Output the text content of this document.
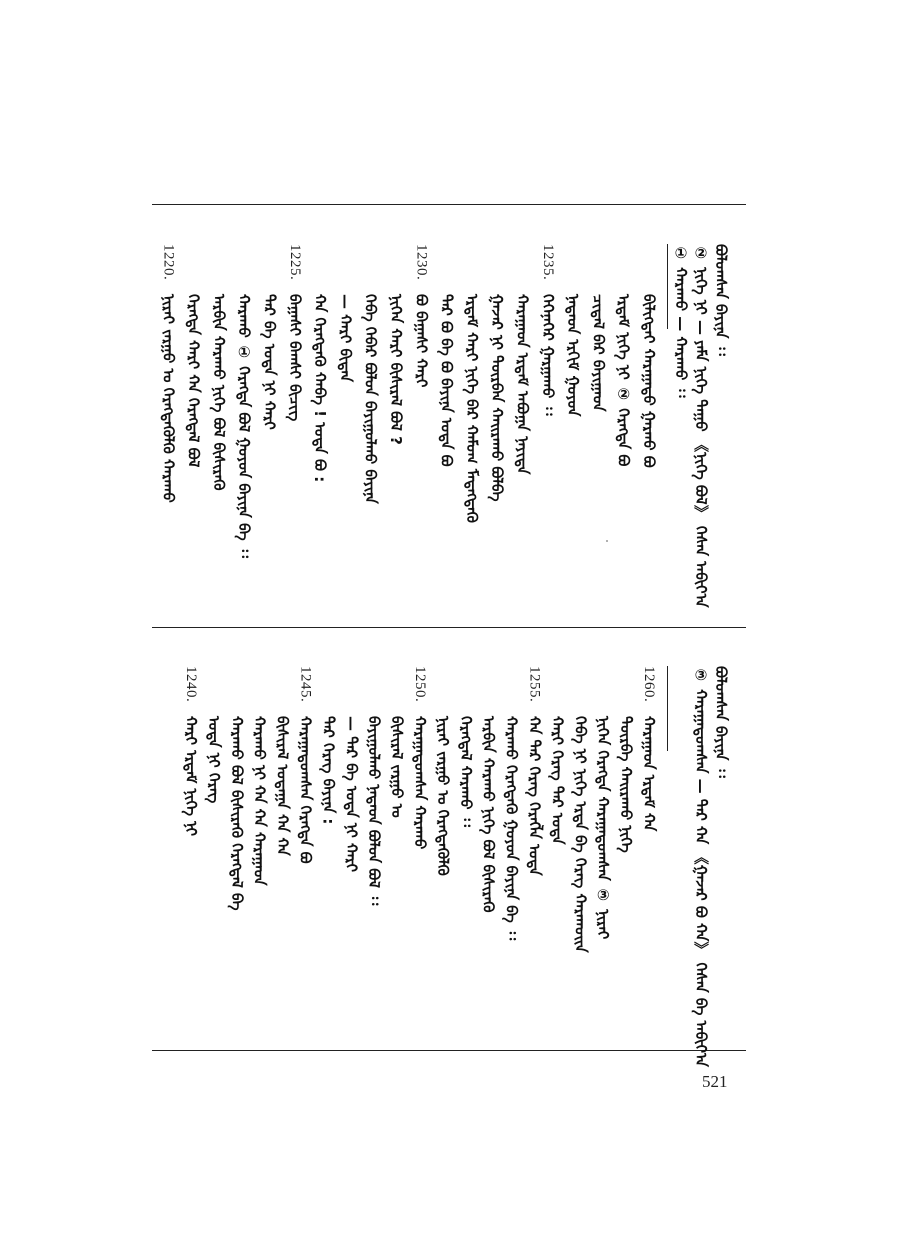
ᠪᠣᠯᠤᠭᠰᠠᠨ ᠪᠠᠶᠢᠨᠠ ᠄᠄
② ᠨᠢᠭᠡ ᠨᠢ — ᠶᠠᠮᠠ ᠨᠢᠭᠡ ᠳᠠᠭᠤ 《ᠨᠢᠭᠡ ᠪᠣᠯ》 ᠭᠡᠰᠡᠨ ᠠᠪᠢᠶ᠎ᠠ
① ᠬᠠᠷᠠᠬᠤ — ᠬᠠᠷᠠᠬᠤ ᠄᠄
ᠪᠢᠯᠢᠭᠲᠡᠢ ᠬᠠᠷᠠᠭᠠᠳᠤ ᠭᠠᠷᠬᠤ ᠪᠣ
ᠡᠷᠳᠡᠮ ᠨᠢᠭᠡ ᠨᠢ ② ᠬᠡᠷᠡᠭᠳᠡ ᠪᠣ
ᠴᠢᠳᠠᠯ ᠪᠡᠷ ᠪᠠᠶᠢᠭᠠᠳ
ᠨᠠᠳᠠᠳ ᠡᠷᠬᠢᠮ ᠭᠤᠶᠤᠨ
1235.
ᠭᠡᠭᠡᠨᠡᠭᠡᠷ ᠭᠠᠷᠭᠠᠬᠤ ᠄᠄
ᠬᠠᠷᠠᠭᠠᠳ ᠡᠷᠳᠡᠮ ᠠᠪᠤᠭᠠ ᠨᠡᠶᠢᠲᠡ
ᠭᠠᠵᠠᠷ ᠨᠢ ᠳᠦᠷᠪᠡᠨ ᠬᠠᠢᠷᠠᠬᠤ ᠪᠣᠯᠪᠠ
ᠡᠷᠳᠡᠮ ᠬᠠᠷᠢ ᠨᠢᠭᠡ ᠪᠡᠷ ᠬᠠᠮᠤᠭ ᠮᠡᠳᠡᠭᠳᠡᠬᠦ
ᠲᠡᠷ ᠪᠣ ᠪᠠ ᠪᠣ ᠪᠠᠶᠢᠨᠠ ᠤᠳᠠ ᠪᠣ
1230.
ᠪᠣ ᠪᠠᠭᠠᠰᠢ ᠬᠠᠷᠢ
ᠨᠢᠭᠡᠨ ᠬᠠᠷᠢ ᠪᠢᠰᠢᠷᠡᠯ ᠪᠣᠯ ?
ᠬᠡᠪᠡ ᠬᠡᠪᠡᠷ ᠪᠣᠯᠤᠨ ᠪᠠᠶᠢᠭᠤᠯᠬᠤ ᠪᠠᠶᠢᠨᠠ
— ᠬᠠᠷᠢ ᠪᠢᠳᠡᠨ
ᠬᠠ ᠬᠡᠷᠡᠭᠳᠡᠬᠦ ᠬᠠᠪᠠ ! ᠤᠳᠠ ᠪᠣ :
1225.
ᠪᠠᠭᠠᠰᠢ ᠪᠠᠭᠰᠢ ᠪᠢᠴᠢᠭ
ᠲᠡᠷ ᠪᠠ ᠤᠳᠠ ᠨᠢ ᠬᠠᠷᠢ
ᠬᠠᠷᠠᠬᠤ ① ᠬᠡᠷᠡᠭᠳᠡ ᠪᠣᠯ ᠭᠤᠶᠤᠨ ᠪᠠᠶᠢᠨᠠ ᠪᠠ ᠄᠄
ᠠᠷᠪᠢᠨ ᠬᠠᠷᠠᠬᠤ ᠨᠢᠭᠡ ᠪᠣᠯ ᠪᠢᠰᠢᠷᠡᠬᠦ
ᠬᠡᠷᠡᠭᠳᠡ ᠬᠠᠷᠢ ᠬᠠ ᠬᠡᠷᠡᠭᠳᠡᠯ ᠪᠣᠯ
1220.
ᠨᠢᠷᠠᠢ ᠵᠠᠷᠭᠤ ᠤ ᠬᠡᠷᠡᠭᠳᠡᠭᠦᠯᠬᠦ ᠬᠠᠷᠠᠬᠤ
ᠪᠣᠯᠤᠭᠰᠠᠨ ᠪᠠᠶᠢᠨᠠ ᠄᠄
③ ᠬᠠᠷᠠᠭᠠᠳᠤᠭᠰᠠᠨ — ᠲᠡᠷ ᠬᠠ 《ᠭᠠᠵᠠᠷ ᠪᠣ ᠬᠠ》 ᠭᠡᠰᠡᠨ ᠪᠠ ᠠᠪᠢᠶ᠎ᠠ
1260.
ᠬᠠᠷᠠᠭᠠᠳ ᠡᠷᠳᠡᠮ ᠬᠠ
ᠳᠦᠷᠪᠡ ᠬᠠᠢᠷᠠᠬᠤ ᠨᠢᠭᠡ
ᠨᠢᠭᠡᠨ ᠬᠡᠷᠡᠭᠳᠡ ᠬᠠᠷᠠᠭᠠᠳᠤᠭᠰᠠᠨ ③ ᠨᠢᠷᠠᠢ
ᠬᠡᠪᠡ ᠨᠢ ᠨᠢᠭᠡ ᠡᠷᠳᠡ ᠪᠠ ᠬᠡᠷᠡᠭ ᠬᠠᠷᠠᠬᠤᠢᠨ
ᠬᠠᠷᠢ ᠬᠡᠷᠡᠭ ᠲᠡᠷ ᠤᠳᠠ
1255.
ᠬᠠ ᠲᠡᠷ ᠬᠡᠷᠡᠭ ᠬᠡᠷᠡᠭᠯᠡ ᠤᠳᠠ
ᠬᠠᠷᠠᠬᠤ ᠬᠡᠷᠡᠭᠳᠡᠬᠦ ᠭᠤᠶᠤᠨ ᠪᠠᠶᠢᠨᠠ ᠪᠠ ᠄᠄
ᠠᠷᠪᠢᠨ ᠬᠠᠷᠠᠬᠤ ᠨᠢᠭᠡ ᠪᠣᠯ ᠪᠢᠰᠢᠷᠡᠬᠦ
ᠬᠡᠷᠡᠭᠳᠡᠯ ᠬᠠᠷᠠᠬᠤ ᠄᠄
ᠨᠢᠷᠠᠢ ᠵᠠᠷᠭᠤ ᠤ ᠬᠡᠷᠡᠭᠳᠡᠭᠦᠯᠬᠦ
1250.
ᠬᠠᠷᠠᠭᠠᠳᠤᠭᠰᠠᠨ ᠬᠠᠷᠠᠬᠤ
ᠪᠢᠰᠢᠷᠡᠯ ᠵᠠᠷᠭᠤ ᠤ
ᠪᠠᠶᠢᠭᠤᠯᠬᠤ ᠨᠠᠳᠠᠳ ᠪᠣᠯᠤᠨ ᠪᠣᠯ ᠄᠄
— ᠲᠡᠷ ᠪᠠ ᠤᠳᠠ ᠨᠢ ᠬᠠᠷᠢ
ᠲᠡᠷ ᠬᠡᠷᠡᠭ ᠪᠠᠶᠢᠨᠠ :
1245.
ᠬᠠᠷᠠᠭᠠᠳᠤᠭᠰᠠᠨ ᠬᠡᠷᠡᠭᠳᠡ ᠪᠣ
ᠪᠢᠰᠢᠷᠡᠯ ᠤᠳᠠᠭᠠ ᠬᠠ ᠬᠠ
ᠬᠠᠷᠠᠬᠤ ᠨᠢ ᠬᠠ ᠬᠠ ᠬᠠᠷᠠᠭᠠᠳ
ᠬᠠᠷᠠᠬᠤ ᠪᠣᠯ ᠪᠢᠰᠢᠷᠡᠬᠦ ᠬᠡᠷᠡᠭᠳᠡᠯ ᠪᠠ
ᠤᠳᠠ ᠨᠢ ᠬᠡᠷᠡᠭ
1240.
ᠬᠠᠷᠢ ᠡᠷᠳᠡᠮ ᠨᠢᠭᠡ ᠨᠢ
521
